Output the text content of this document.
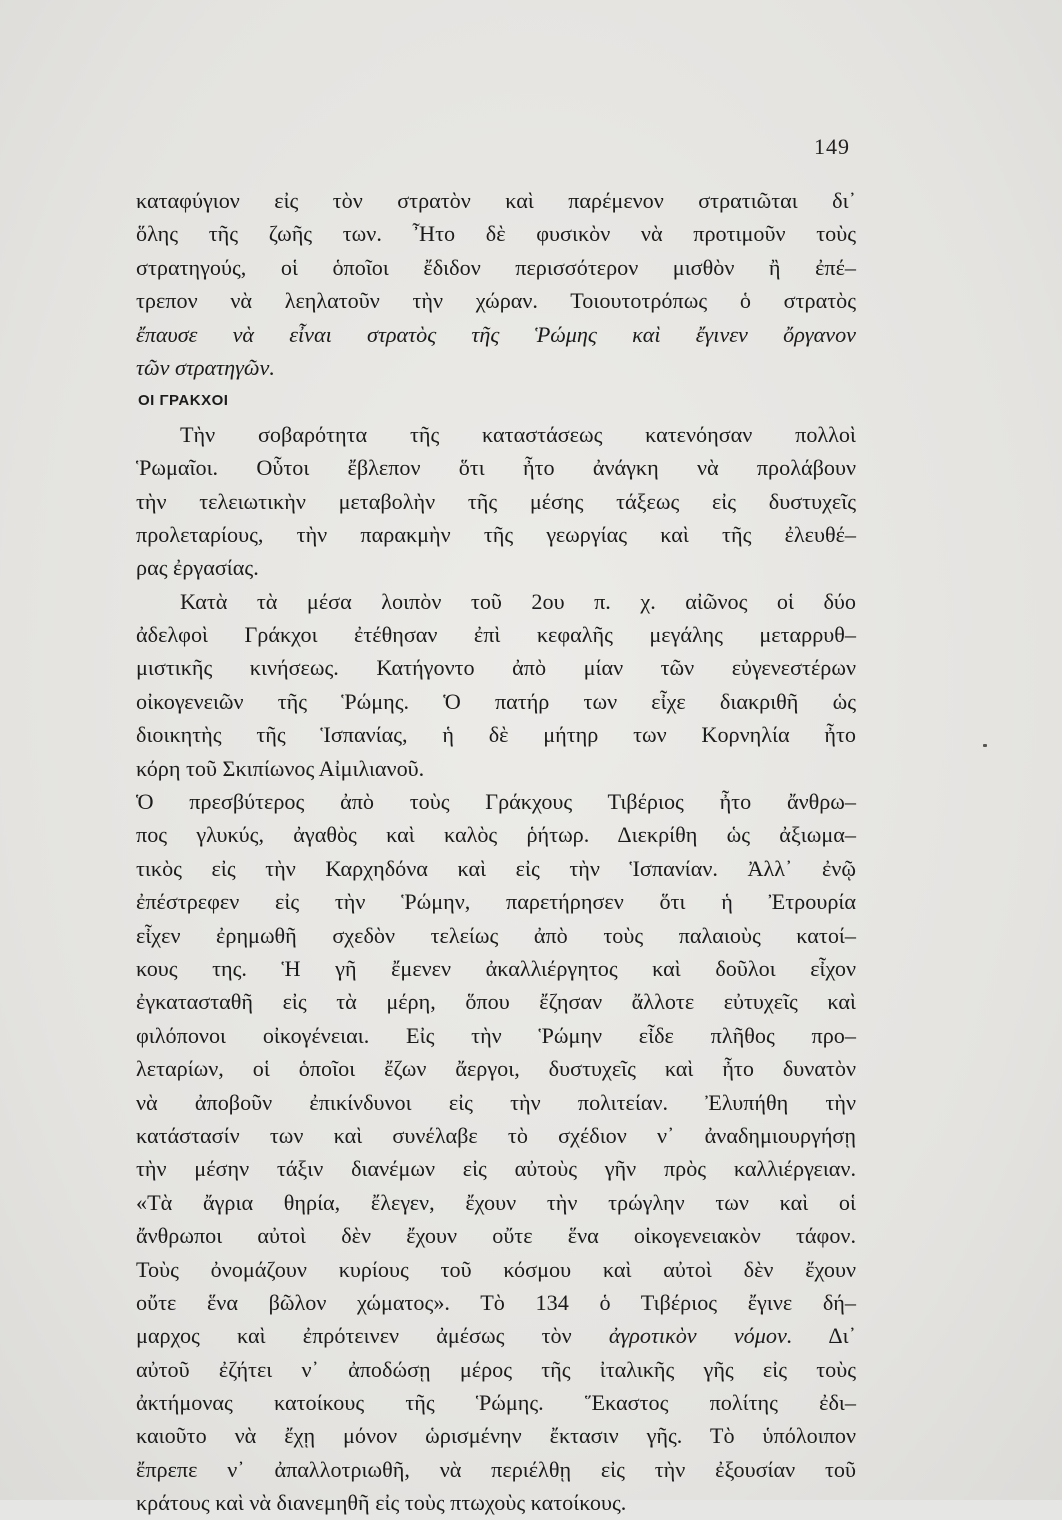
149
καταφύγιον εἰς τὸν στρατὸν καὶ παρέμενον στρατιῶται δι᾽
ὅλης τῆς ζωῆς των. Ἦτο δὲ φυσικὸν νὰ προτιμοῦν τοὺς
στρατηγούς, οἱ ὁποῖοι ἔδιδον περισσότερον μισθὸν ἢ ἐπέ–
τρεπον νὰ λεηλατοῦν τὴν χώραν. Τοιουτοτρόπως ὁ στρατὸς
ἔπαυσε νὰ εἶναι στρατὸς τῆς Ῥώμης καὶ ἔγινεν ὄργανον
τῶν στρατηγῶν.
ΟΙ ΓΡΑΚΧΟΙ
Τὴν σοβαρότητα τῆς καταστάσεως κατενόησαν πολλοὶ
Ῥωμαῖοι. Οὗτοι ἔβλεπον ὅτι ἦτο ἀνάγκη νὰ προλάβουν
τὴν τελειωτικὴν μεταβολὴν τῆς μέσης τάξεως εἰς δυστυχεῖς
προλεταρίους, τὴν παρακμὴν τῆς γεωργίας καὶ τῆς ἐλευθέ–
ρας ἐργασίας.
Κατὰ τὰ μέσα λοιπὸν τοῦ 2ου π. χ. αἰῶνος οἱ δύο
ἀδελφοὶ Γράκχοι ἐτέθησαν ἐπὶ κεφαλῆς μεγάλης μεταρρυθ–
μιστικῆς κινήσεως. Κατήγοντο ἀπὸ μίαν τῶν εὐγενεστέρων
οἰκογενειῶν τῆς Ῥώμης. Ὁ πατήρ των εἶχε διακριθῆ ὡς
διοικητὴς τῆς Ἱσπανίας, ἡ δὲ μήτηρ των Κορνηλία ἦτο
κόρη τοῦ Σκιπίωνος Αἰμιλιανοῦ.
Ὁ πρεσβύτερος ἀπὸ τοὺς Γράκχους Τιβέριος ἦτο ἄνθρω–
πος γλυκύς, ἀγαθὸς καὶ καλὸς ῥήτωρ. Διεκρίθη ὡς ἀξιωμα–
τικὸς εἰς τὴν Καρχηδόνα καὶ εἰς τὴν Ἱσπανίαν. Ἀλλ᾽ ἐνῷ
ἐπέστρεφεν εἰς τὴν Ῥώμην, παρετήρησεν ὅτι ἡ Ἐτρουρία
εἶχεν ἐρημωθῆ σχεδὸν τελείως ἀπὸ τοὺς παλαιοὺς κατοί–
κους της. Ἡ γῆ ἔμενεν ἀκαλλιέργητος καὶ δοῦλοι εἶχον
ἐγκατασταθῆ εἰς τὰ μέρη, ὅπου ἔζησαν ἄλλοτε εὐτυχεῖς καὶ
φιλόπονοι οἰκογένειαι. Εἰς τὴν Ῥώμην εἶδε πλῆθος προ–
λεταρίων, οἱ ὁποῖοι ἔζων ἄεργοι, δυστυχεῖς καὶ ἦτο δυνατὸν
νὰ ἀποβοῦν ἐπικίνδυνοι εἰς τὴν πολιτείαν. Ἐλυπήθη τὴν
κατάστασίν των καὶ συνέλαβε τὸ σχέδιον ν᾽ ἀναδημιουργήσῃ
τὴν μέσην τάξιν διανέμων εἰς αὐτοὺς γῆν πρὸς καλλιέργειαν.
«Τὰ ἄγρια θηρία, ἔλεγεν, ἔχουν τὴν τρώγλην των καὶ οἱ
ἄνθρωποι αὐτοὶ δὲν ἔχουν οὔτε ἕνα οἰκογενειακὸν τάφον.
Τοὺς ὀνομάζουν κυρίους τοῦ κόσμου καὶ αὐτοὶ δὲν ἔχουν
οὔτε ἕνα βῶλον χώματος». Τὸ 134 ὁ Τιβέριος ἔγινε δή–
μαρχος καὶ ἐπρότεινεν ἀμέσως τὸν ἀγροτικὸν νόμον. Δι᾽
αὐτοῦ ἐζήτει ν᾽ ἀποδώσῃ μέρος τῆς ἰταλικῆς γῆς εἰς τοὺς
ἀκτήμονας κατοίκους τῆς Ῥώμης. Ἕκαστος πολίτης ἐδι–
καιοῦτο νὰ ἔχῃ μόνον ὡρισμένην ἔκτασιν γῆς. Τὸ ὑπόλοιπον
ἔπρεπε ν᾽ ἀπαλλοτριωθῆ, νὰ περιέλθῃ εἰς τὴν ἐξουσίαν τοῦ
κράτους καὶ νὰ διανεμηθῆ εἰς τοὺς πτωχοὺς κατοίκους.
